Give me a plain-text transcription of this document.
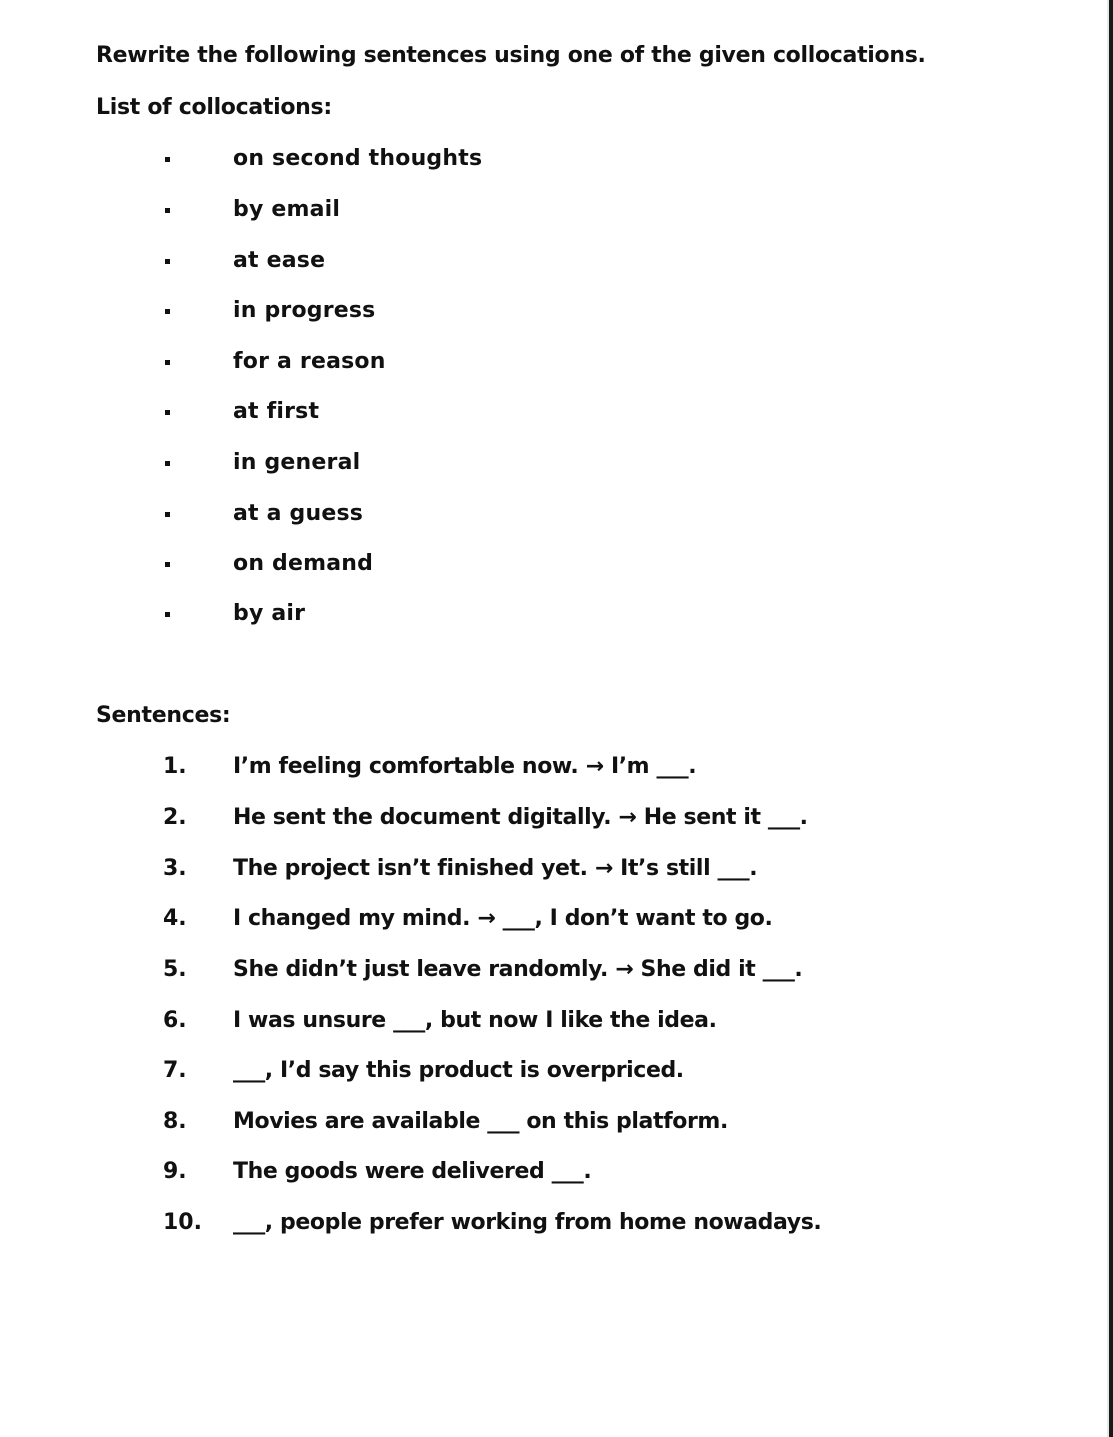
Rewrite the following sentences using one of the given collocations.
List of collocations:
on second thoughts
by email
at ease
in progress
for a reason
at first
in general
at a guess
on demand
by air
Sentences:
1. I’m feeling comfortable now. → I’m ___.
2. He sent the document digitally. → He sent it ___.
3. The project isn’t finished yet. → It’s still ___.
4. I changed my mind. → ___, I don’t want to go.
5. She didn’t just leave randomly. → She did it ___.
6. I was unsure ___, but now I like the idea.
7. ___, I’d say this product is overpriced.
8. Movies are available ___ on this platform.
9. The goods were delivered ___.
10. ___, people prefer working from home nowadays.
